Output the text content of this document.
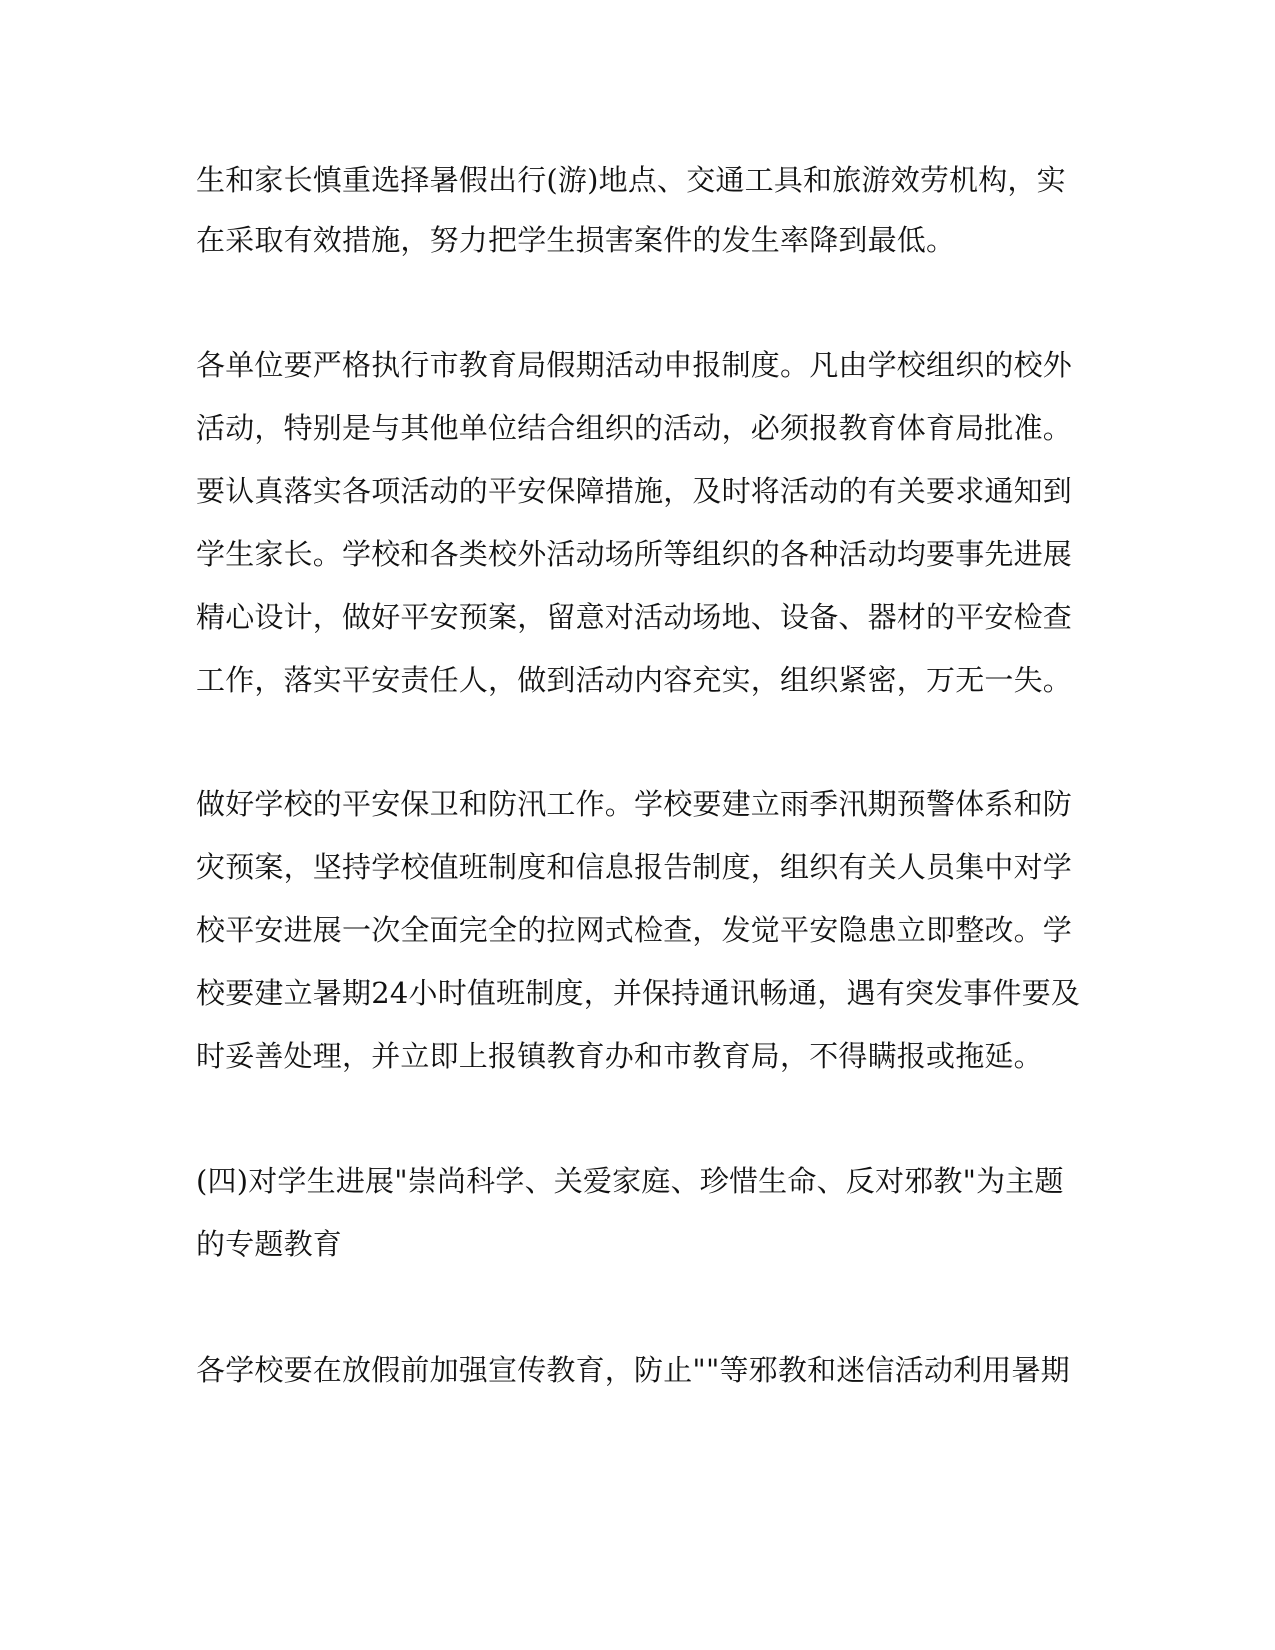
生和家长慎重选择暑假出行(游)地点、交通工具和旅游效劳机构，实
在采取有效措施，努力把学生损害案件的发生率降到最低。
各单位要严格执行市教育局假期活动申报制度。凡由学校组织的校外
活动，特别是与其他单位结合组织的活动，必须报教育体育局批准。
要认真落实各项活动的平安保障措施，及时将活动的有关要求通知到
学生家长。学校和各类校外活动场所等组织的各种活动均要事先进展
精心设计，做好平安预案，留意对活动场地、设备、器材的平安检查
工作，落实平安责任人，做到活动内容充实，组织紧密，万无一失。
做好学校的平安保卫和防汛工作。学校要建立雨季汛期预警体系和防
灾预案，坚持学校值班制度和信息报告制度，组织有关人员集中对学
校平安进展一次全面完全的拉网式检查，发觉平安隐患立即整改。学
校要建立暑期24小时值班制度，并保持通讯畅通，遇有突发事件要及
时妥善处理，并立即上报镇教育办和市教育局，不得瞒报或拖延。
(四)对学生进展"崇尚科学、关爱家庭、珍惜生命、反对邪教"为主题
的专题教育
各学校要在放假前加强宣传教育，防止""等邪教和迷信活动利用暑期
